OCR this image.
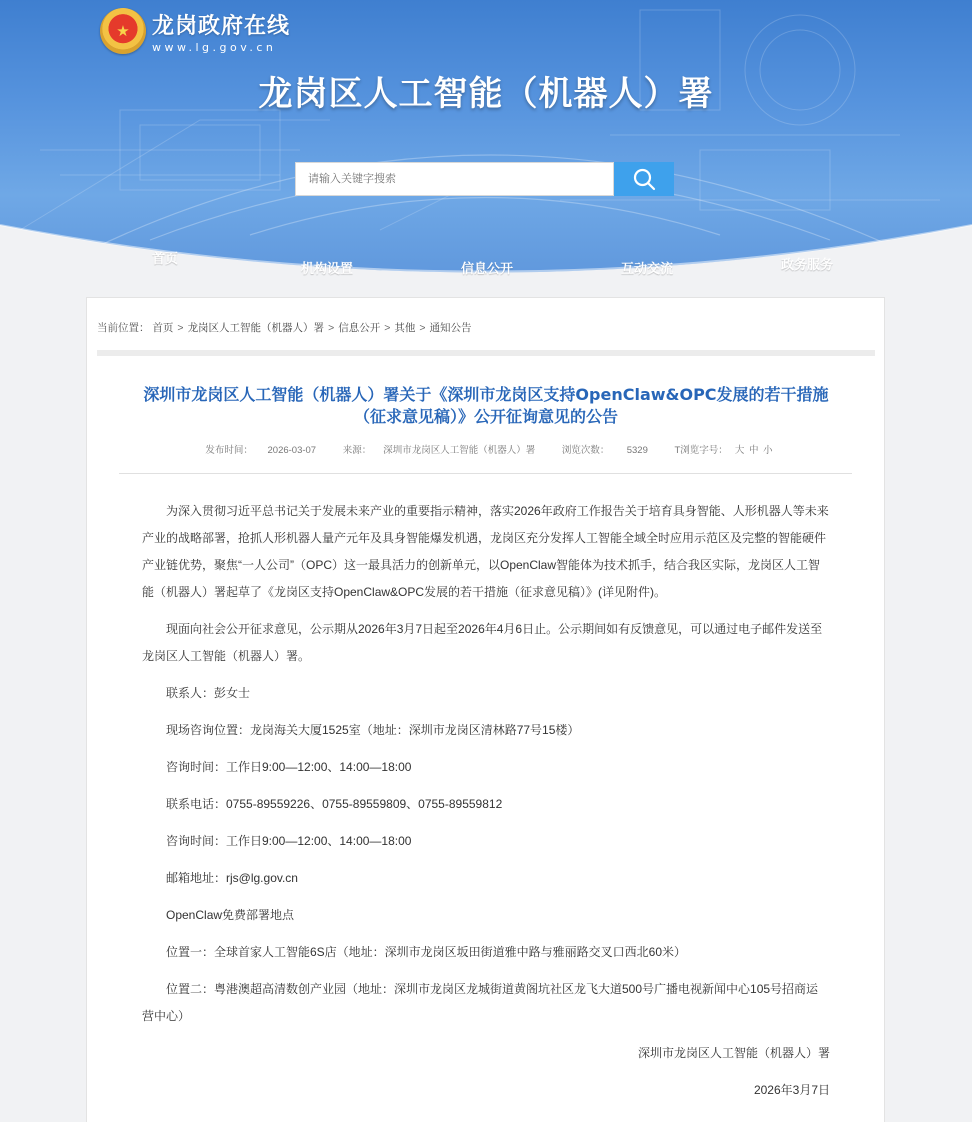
★ 龙岗政府在线
www.lg.gov.cn
龙岗区人工智能（机器人）署
请输入关键字搜索
首页
机构设置	信息公开	互动交流	政务服务
当前位置： 首页 > 龙岗区人工智能（机器人）署 > 信息公开 > 其他 > 通知公告
深圳市龙岗区人工智能（机器人）署关于《深圳市龙岗区支持OpenClaw&OPC发展的若干措施
（征求意见稿）》公开征询意见的公告
发布时间： 2026-03-07	来源： 深圳市龙岗区人工智能（机器人）署	浏览次数： 5329	T浏览字号： 大 中 小

为深入贯彻习近平总书记关于发展未来产业的重要指示精神，落实2026年政府工作报告关于培育具身智能、人形机器人等未来产业的战略部署，抢抓人形机器人量产元年及具身智能爆发机遇，龙岗区充分发挥人工智能全域全时应用示范区及完整的智能硬件产业链优势，聚焦“一人公司”（OPC）这一最具活力的创新单元，以OpenClaw智能体为技术抓手，结合我区实际，龙岗区人工智能（机器人）署起草了《龙岗区支持OpenClaw&OPC发展的若干措施（征求意见稿）》(详见附件)。

现面向社会公开征求意见，公示期从2026年3月7日起至2026年4月6日止。公示期间如有反馈意见，可以通过电子邮件发送至龙岗区人工智能（机器人）署。

联系人：彭女士

现场咨询位置：龙岗海关大厦1525室（地址：深圳市龙岗区清林路77号15楼）

咨询时间：工作日9:00—12:00、14:00—18:00

联系电话：0755-89559226、0755-89559809、0755-89559812

咨询时间：工作日9:00—12:00、14:00—18:00

邮箱地址：rjs@lg.gov.cn

OpenClaw免费部署地点

位置一：全球首家人工智能6S店（地址：深圳市龙岗区坂田街道雅中路与雅丽路交叉口西北60米）

位置二：粤港澳超高清数创产业园（地址：深圳市龙岗区龙城街道黄阁坑社区龙飞大道500号广播电视新闻中心105号招商运营中心）

深圳市龙岗区人工智能（机器人）署

2026年3月7日
